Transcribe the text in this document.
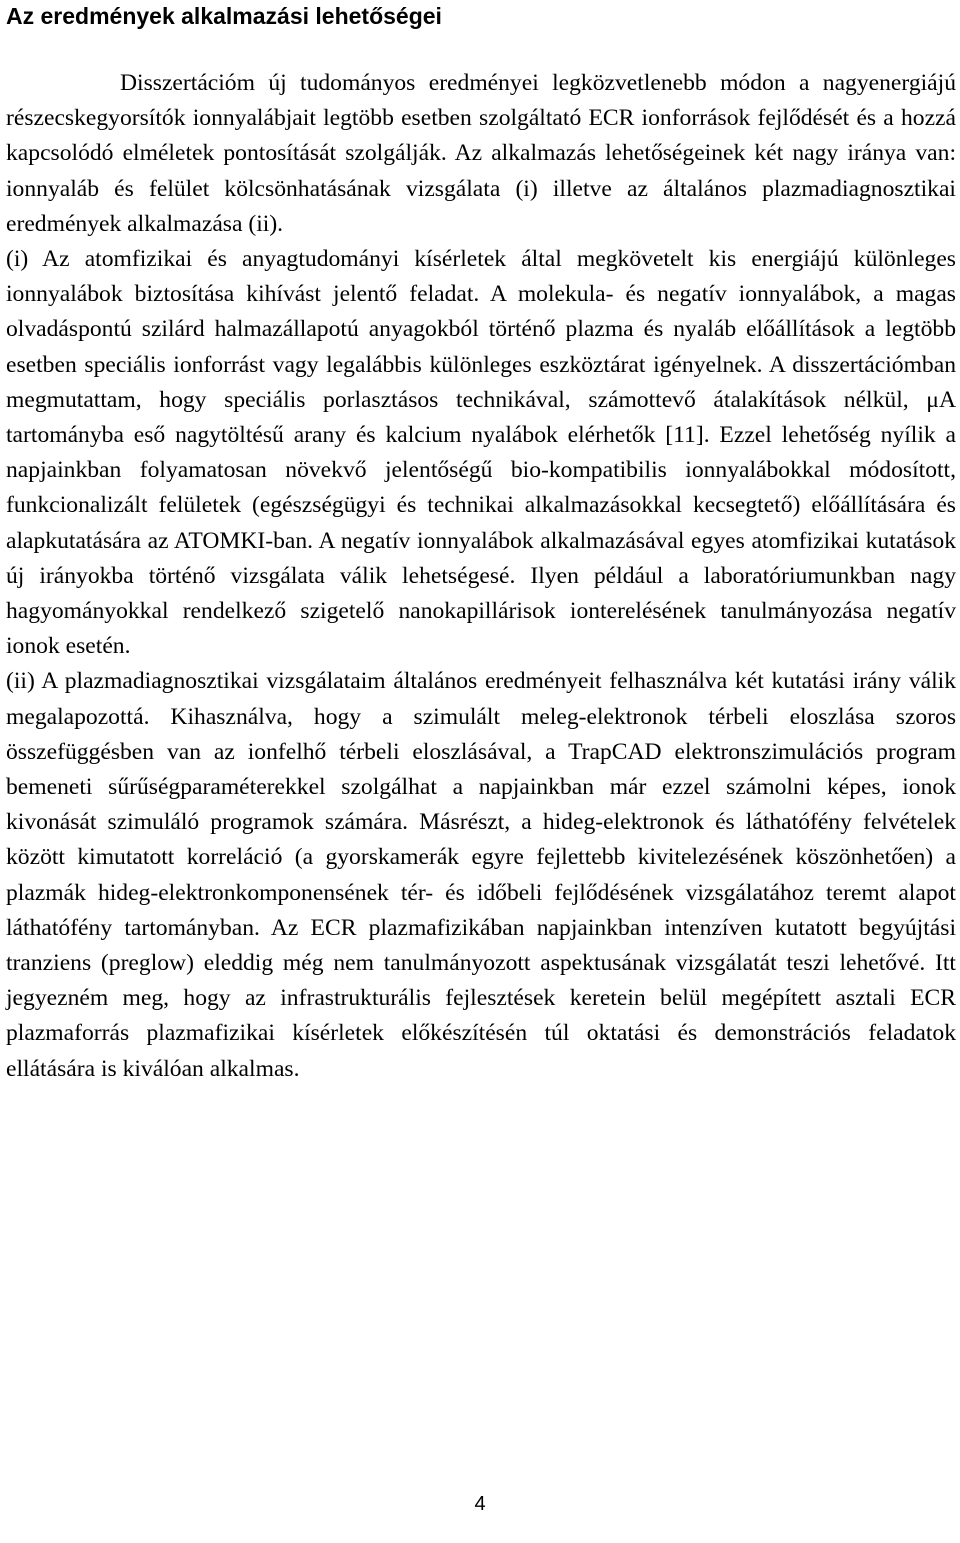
Az eredmények alkalmazási lehetőségei

Disszertációm új tudományos eredményei legközvetlenebb módon a nagyenergiájú részecskegyorsítók ionnyalábjait legtöbb esetben szolgáltató ECR ionforrások fejlődését és a hozzá kapcsolódó elméletek pontosítását szolgálják. Az alkalmazás lehetőségeinek két nagy iránya van: ionnyaláb és felület kölcsönhatásának vizsgálata (i) illetve az általános plazmadiagnosztikai eredmények alkalmazása (ii).

(i) Az atomfizikai és anyagtudományi kísérletek által megkövetelt kis energiájú különleges ionnyalábok biztosítása kihívást jelentő feladat. A molekula- és negatív ionnyalábok, a magas olvadáspontú szilárd halmazállapotú anyagokból történő plazma és nyaláb előállítások a legtöbb esetben speciális ionforrást vagy legalábbis különleges eszköztárat igényelnek. A disszertációmban megmutattam, hogy speciális porlasztásos technikával, számottevő átalakítások nélkül, μA tartományba eső nagytöltésű arany és kalcium nyalábok elérhetők [11]. Ezzel lehetőség nyílik a napjainkban folyamatosan növekvő jelentőségű bio-kompatibilis ionnyalábokkal módosított, funkcionalizált felületek (egészségügyi és technikai alkalmazásokkal kecsegtető) előállítására és alapkutatására az ATOMKI-ban. A negatív ionnyalábok alkalmazásával egyes atomfizikai kutatások új irányokba történő vizsgálata válik lehetségesé. Ilyen például a laboratóriumunkban nagy hagyományokkal rendelkező szigetelő nanokapillárisok ionterelésének tanulmányozása negatív ionok esetén.

(ii) A plazmadiagnosztikai vizsgálataim általános eredményeit felhasználva két kutatási irány válik megalapozottá. Kihasználva, hogy a szimulált meleg-elektronok térbeli eloszlása szoros összefüggésben van az ionfelhő térbeli eloszlásával, a TrapCAD elektronszimulációs program bemeneti sűrűségparaméterekkel szolgálhat a napjainkban már ezzel számolni képes, ionok kivonását szimuláló programok számára. Másrészt, a hideg-elektronok és láthatófény felvételek között kimutatott korreláció (a gyorskamerák egyre fejlettebb kivitelezésének köszönhetően) a plazmák hideg-elektronkomponensének tér- és időbeli fejlődésének vizsgálatához teremt alapot láthatófény tartományban. Az ECR plazmafizikában napjainkban intenzíven kutatott begyújtási tranziens (preglow) eleddig még nem tanulmányozott aspektusának vizsgálatát teszi lehetővé. Itt jegyezném meg, hogy az infrastrukturális fejlesztések keretein belül megépített asztali ECR plazmaforrás plazmafizikai kísérletek előkészítésén túl oktatási és demonstrációs feladatok ellátására is kiválóan alkalmas.

4
